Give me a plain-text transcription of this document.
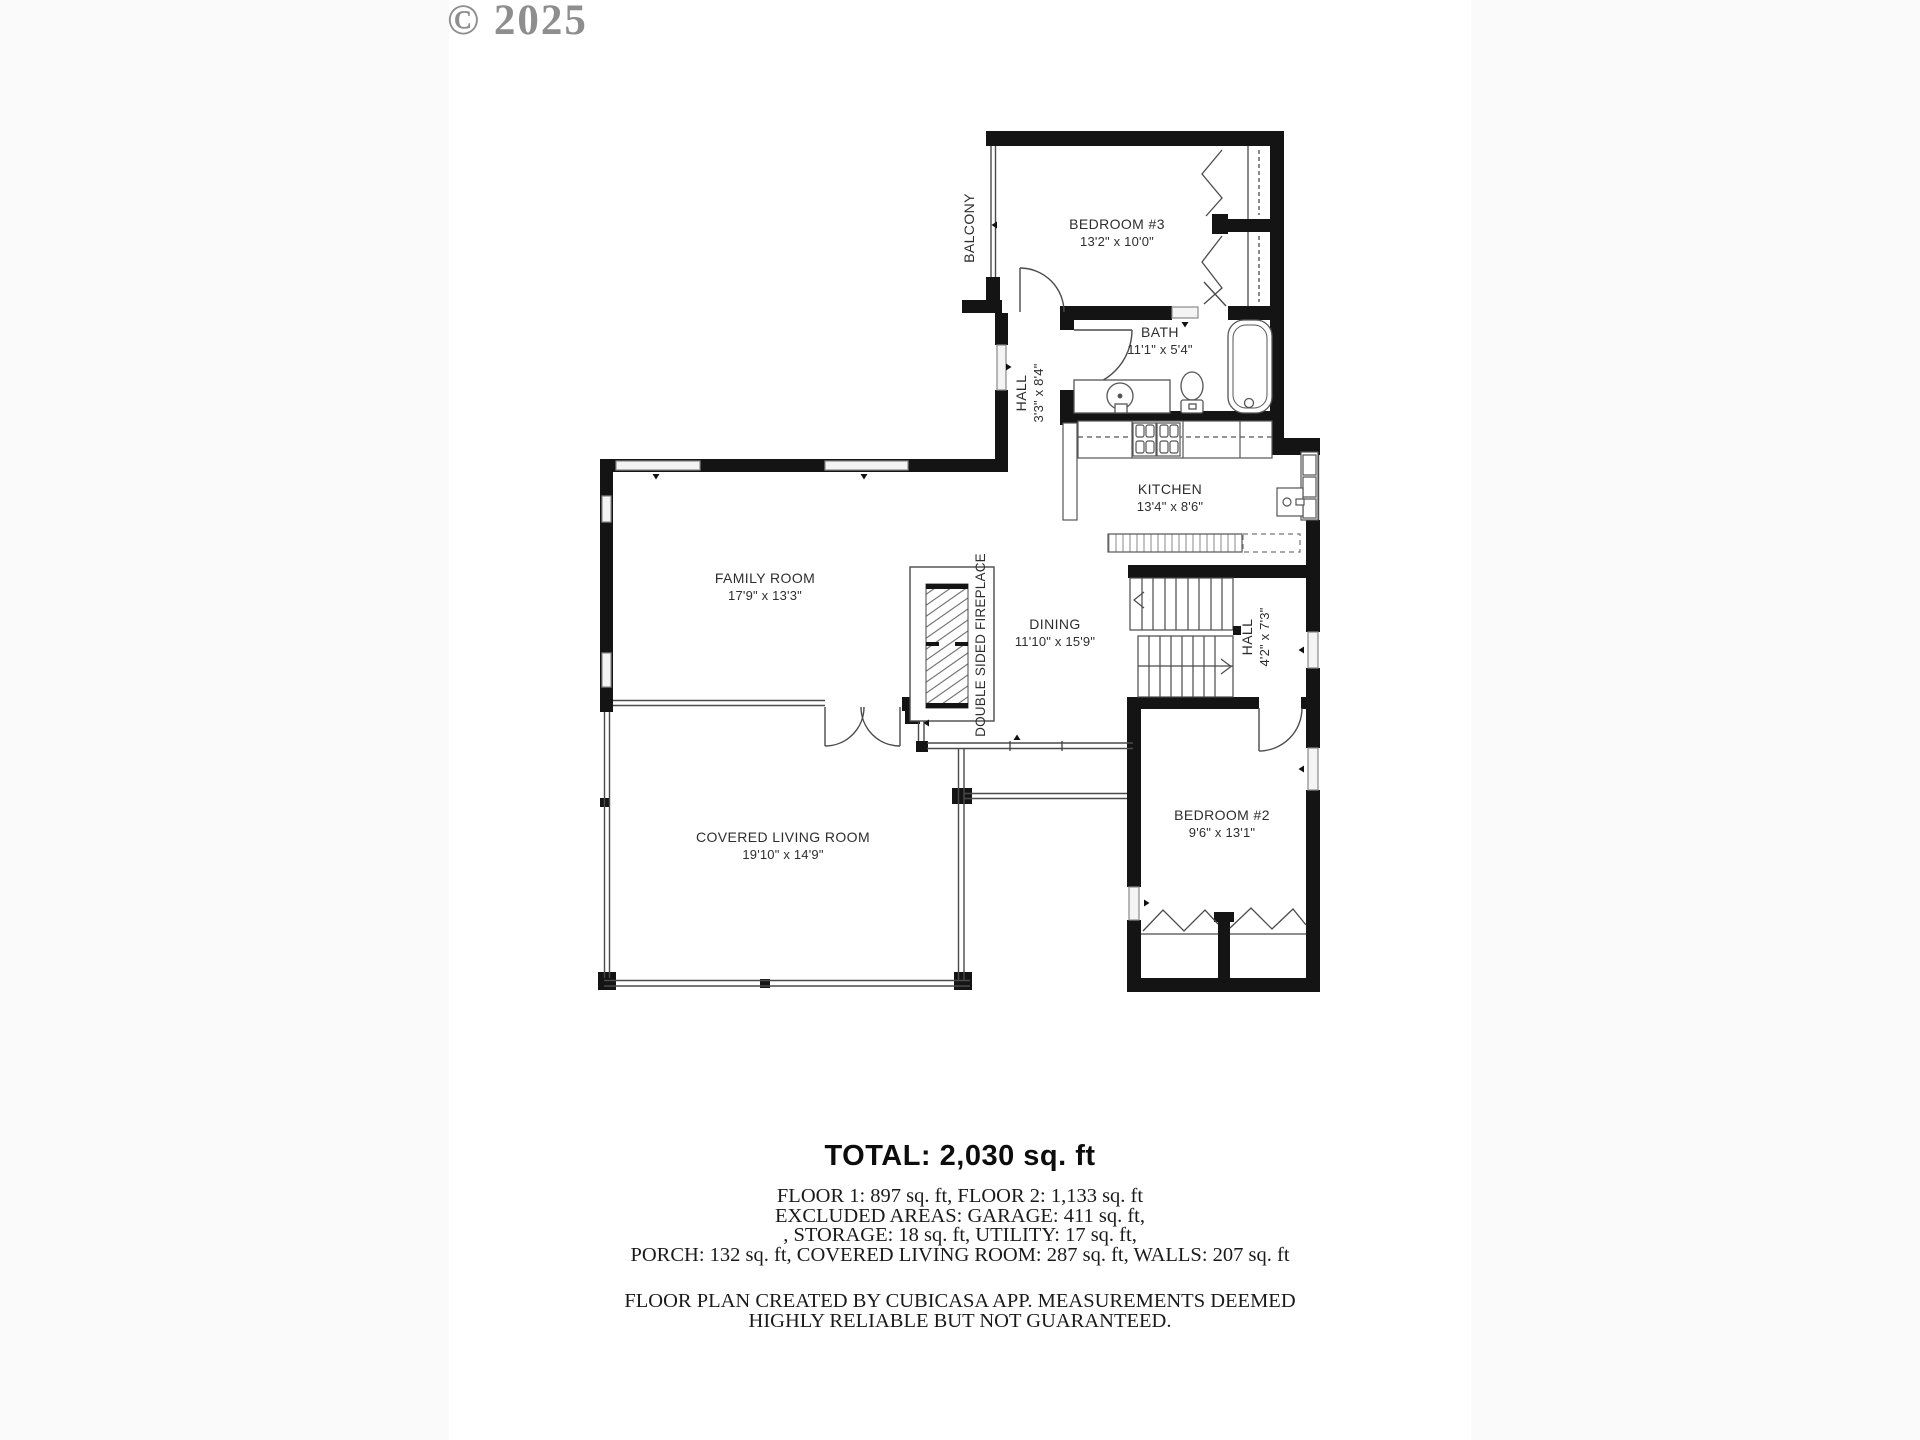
© 2025
BEDROOM #3
13'2" x 10'0"
BATH
11'1" x 5'4"
HALL 3'3" x 8'4"
KITCHEN
13'4" x 8'6"
FAMILY ROOM
17'9" x 13'3"
DINING
11'10" x 15'9"	HALL 4'2" x 7'3"
BEDROOM #2
9'6" x 13'1"
COVERED LIVING ROOM
19'10" x 14'9"
BALCONY
DOUBLE SIDED FIREPLACE
TOTAL: 2,030 sq. ft
FLOOR 1: 897 sq. ft, FLOOR 2: 1,133 sq. ft
EXCLUDED AREAS: GARAGE: 411 sq. ft,
, STORAGE: 18 sq. ft, UTILITY: 17 sq. ft,
PORCH: 132 sq. ft, COVERED LIVING ROOM: 287 sq. ft, WALLS: 207 sq. ft
FLOOR PLAN CREATED BY CUBICASA APP. MEASUREMENTS DEEMED
HIGHLY RELIABLE BUT NOT GUARANTEED.
